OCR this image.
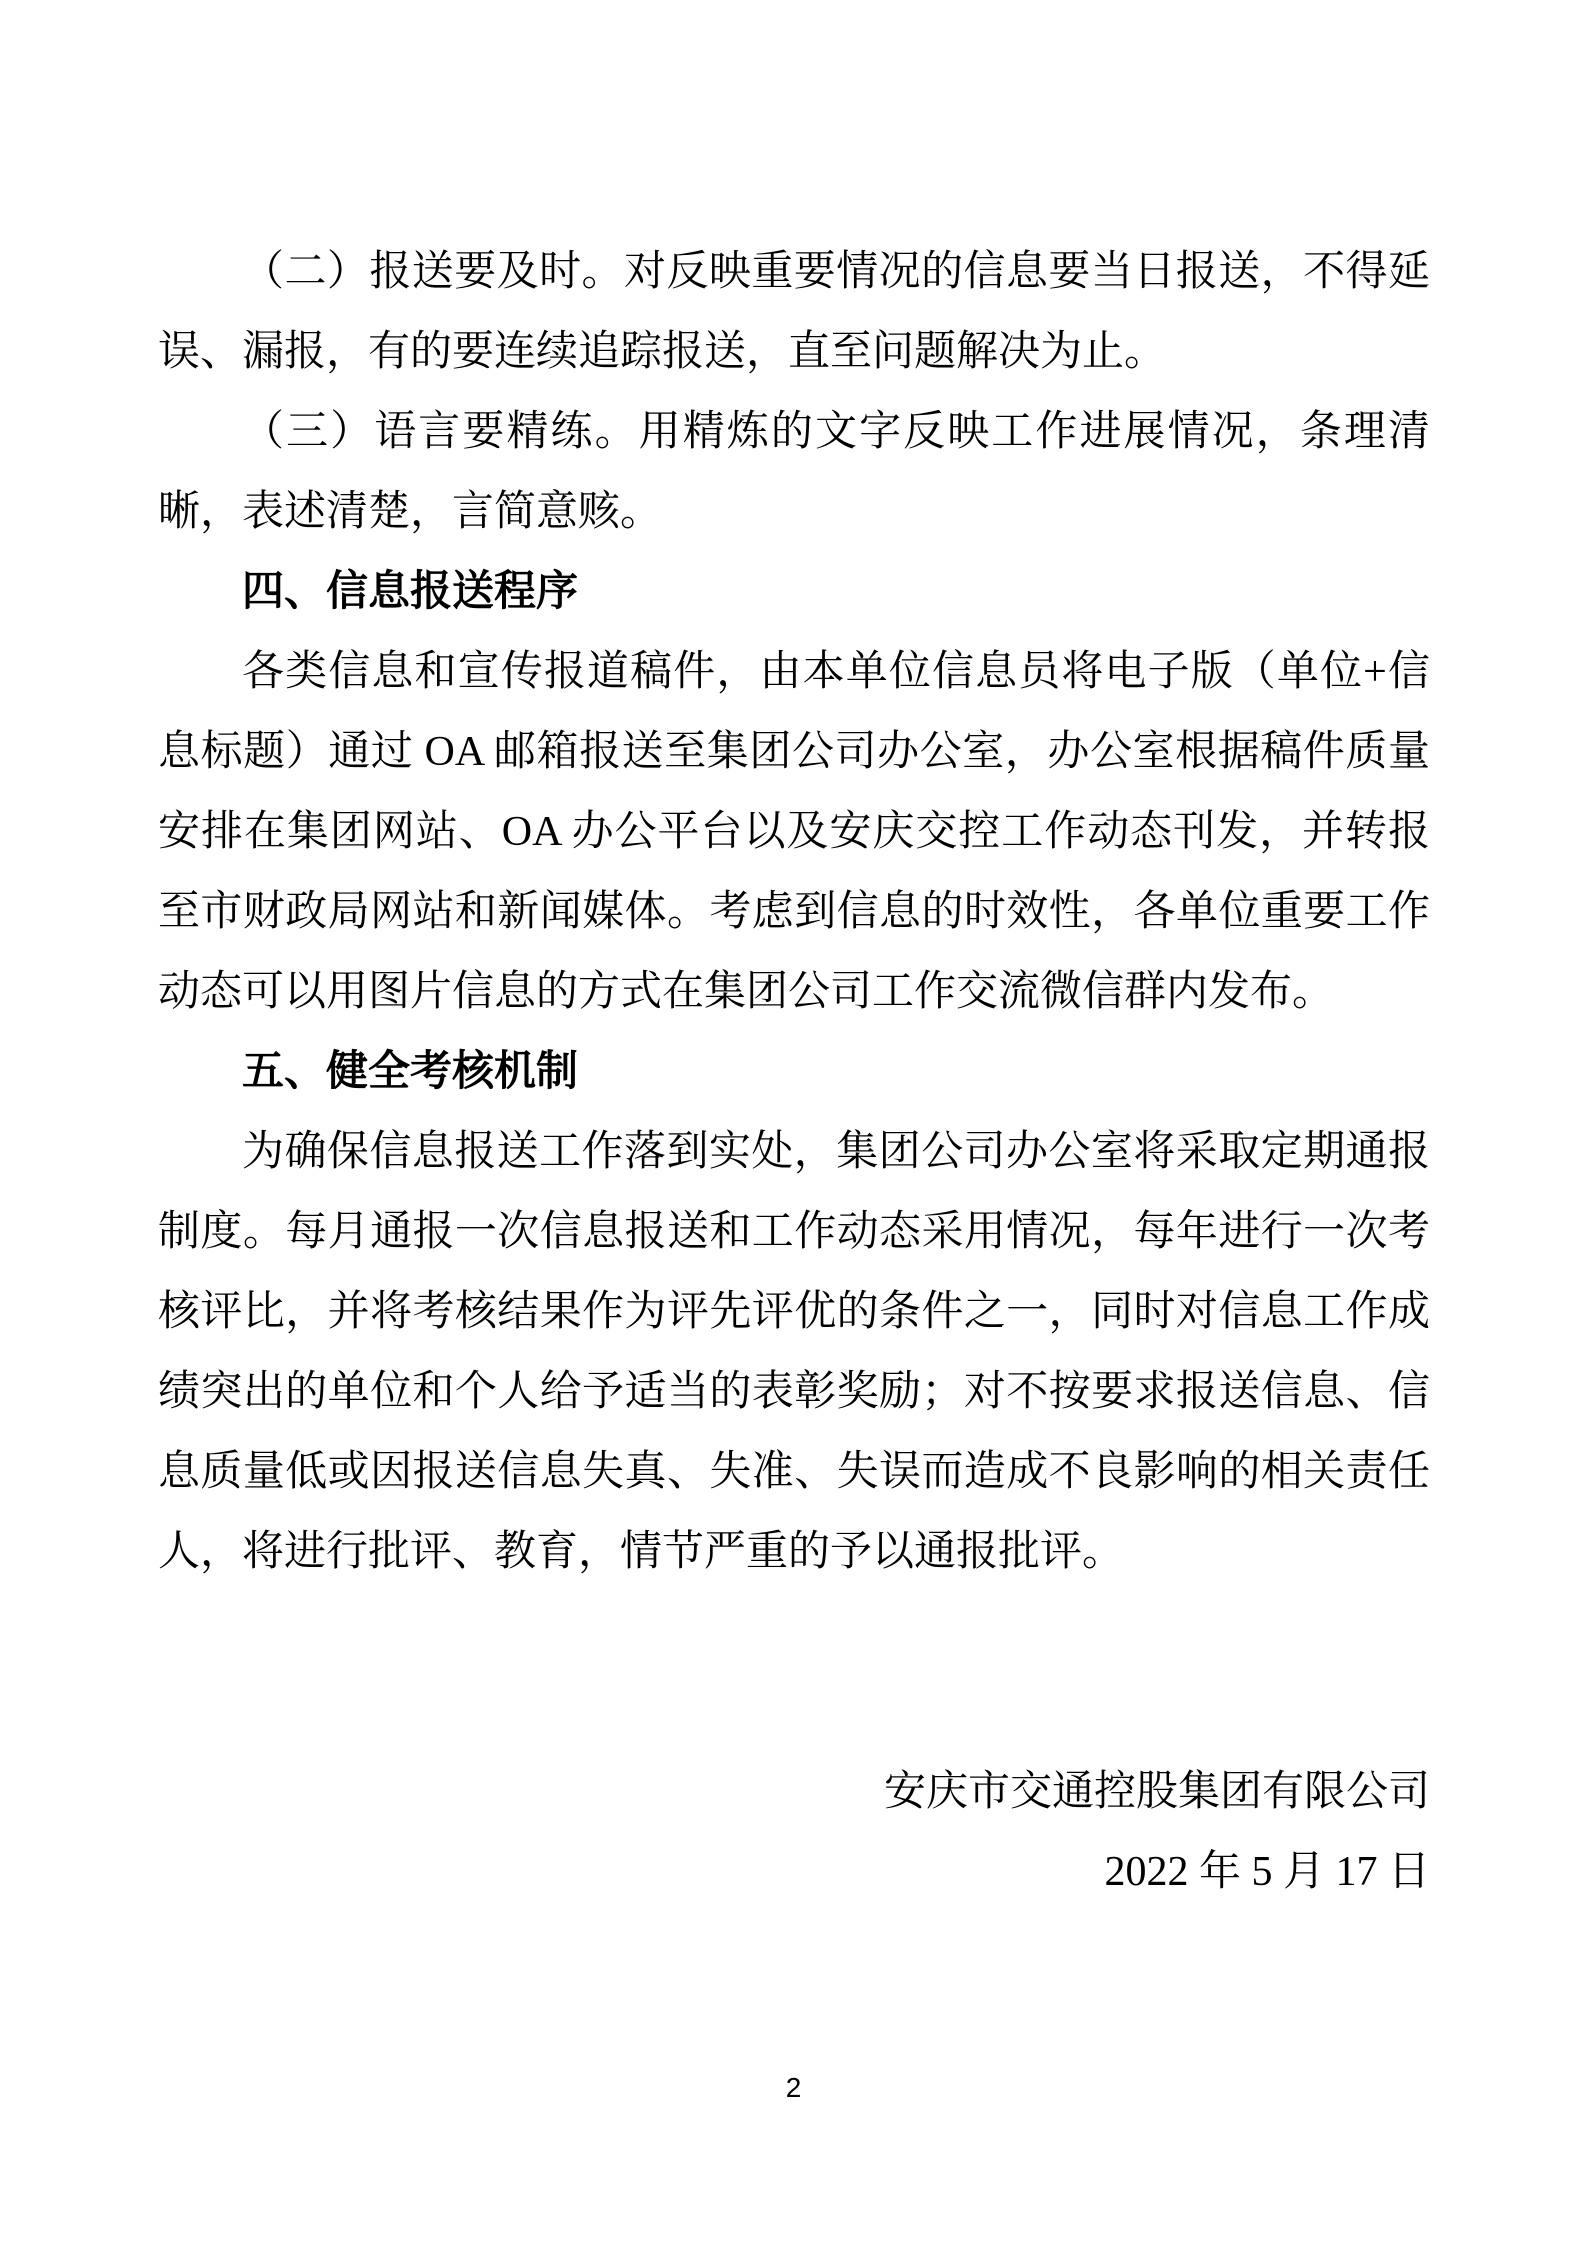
（二）报送要及时。对反映重要情况的信息要当日报送，不得延误、漏报，有的要连续追踪报送，直至问题解决为止。

（三）语言要精练。用精炼的文字反映工作进展情况，条理清晰，表述清楚，言简意赅。

四、信息报送程序

各类信息和宣传报道稿件，由本单位信息员将电子版（单位+信息标题）通过 OA 邮箱报送至集团公司办公室，办公室根据稿件质量安排在集团网站、OA 办公平台以及安庆交控工作动态刊发，并转报至市财政局网站和新闻媒体。考虑到信息的时效性，各单位重要工作动态可以用图片信息的方式在集团公司工作交流微信群内发布。

五、健全考核机制

为确保信息报送工作落到实处，集团公司办公室将采取定期通报制度。每月通报一次信息报送和工作动态采用情况，每年进行一次考核评比，并将考核结果作为评先评优的条件之一，同时对信息工作成绩突出的单位和个人给予适当的表彰奖励；对不按要求报送信息、信息质量低或因报送信息失真、失准、失误而造成不良影响的相关责任人，将进行批评、教育，情节严重的予以通报批评。

安庆市交通控股集团有限公司

2022 年 5 月 17 日

2
